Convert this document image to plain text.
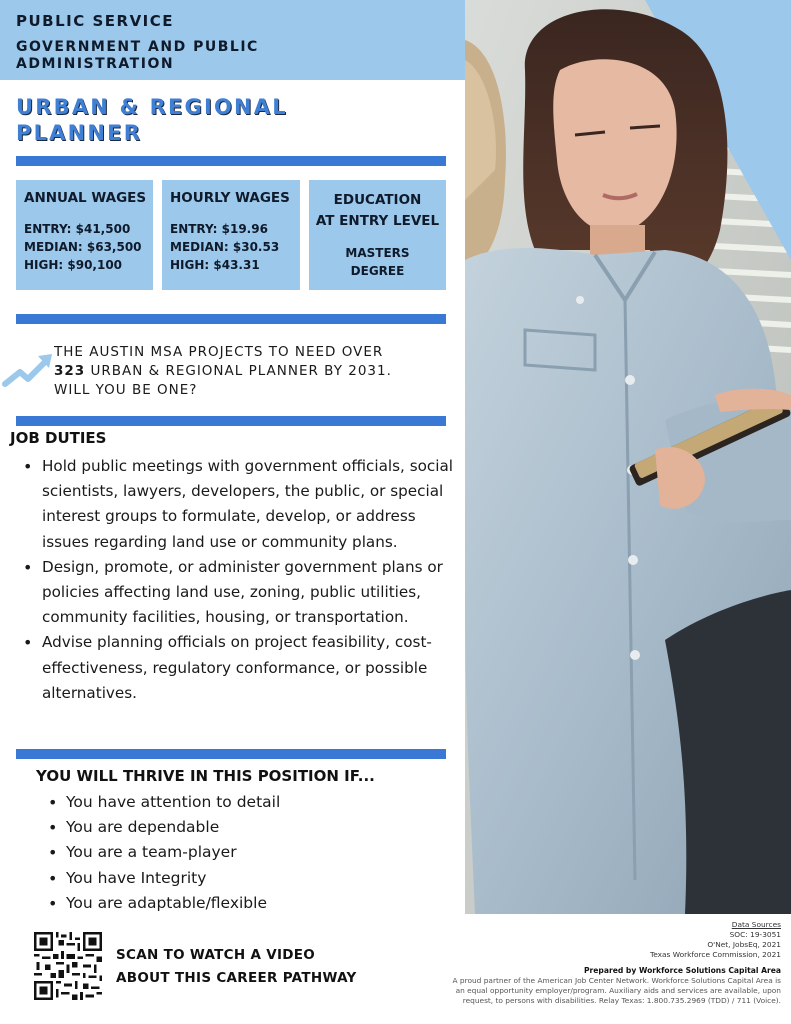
PUBLIC SERVICE
GOVERNMENT AND PUBLIC ADMINISTRATION
URBAN & REGIONAL PLANNER
ANNUAL WAGES
ENTRY: $41,500
MEDIAN: $63,500
HIGH: $90,100
HOURLY WAGES
ENTRY: $19.96
MEDIAN: $30.53
HIGH: $43.31
EDUCATION
AT ENTRY LEVEL
MASTERS
DEGREE
THE AUSTIN MSA PROJECTS TO NEED OVER
323 URBAN & REGIONAL PLANNER BY 2031.
WILL YOU BE ONE?
JOB DUTIES
• Hold public meetings with government officials, social scientists, lawyers, developers, the public, or special interest groups to formulate, develop, or address issues regarding land use or community plans.
• Design, promote, or administer government plans or policies affecting land use, zoning, public utilities, community facilities, housing, or transportation.
• Advise planning officials on project feasibility, cost-effectiveness, regulatory conformance, or possible alternatives.
YOU WILL THRIVE IN THIS POSITION IF...
• You have attention to detail
• You are dependable
• You are a team-player
• You have Integrity
• You are adaptable/flexible
SCAN TO WATCH A VIDEO
ABOUT THIS CAREER PATHWAY
Data Sources
SOC: 19-3051
O'Net, JobsEq, 2021
Texas Workforce Commission, 2021
Prepared by Workforce Solutions Capital Area
A proud partner of the American Job Center Network. Workforce Solutions Capital Area is
an equal opportunity employer/program. Auxiliary aids and services are available, upon
request, to persons with disabilities. Relay Texas: 1.800.735.2969 (TDD) / 711 (Voice).
